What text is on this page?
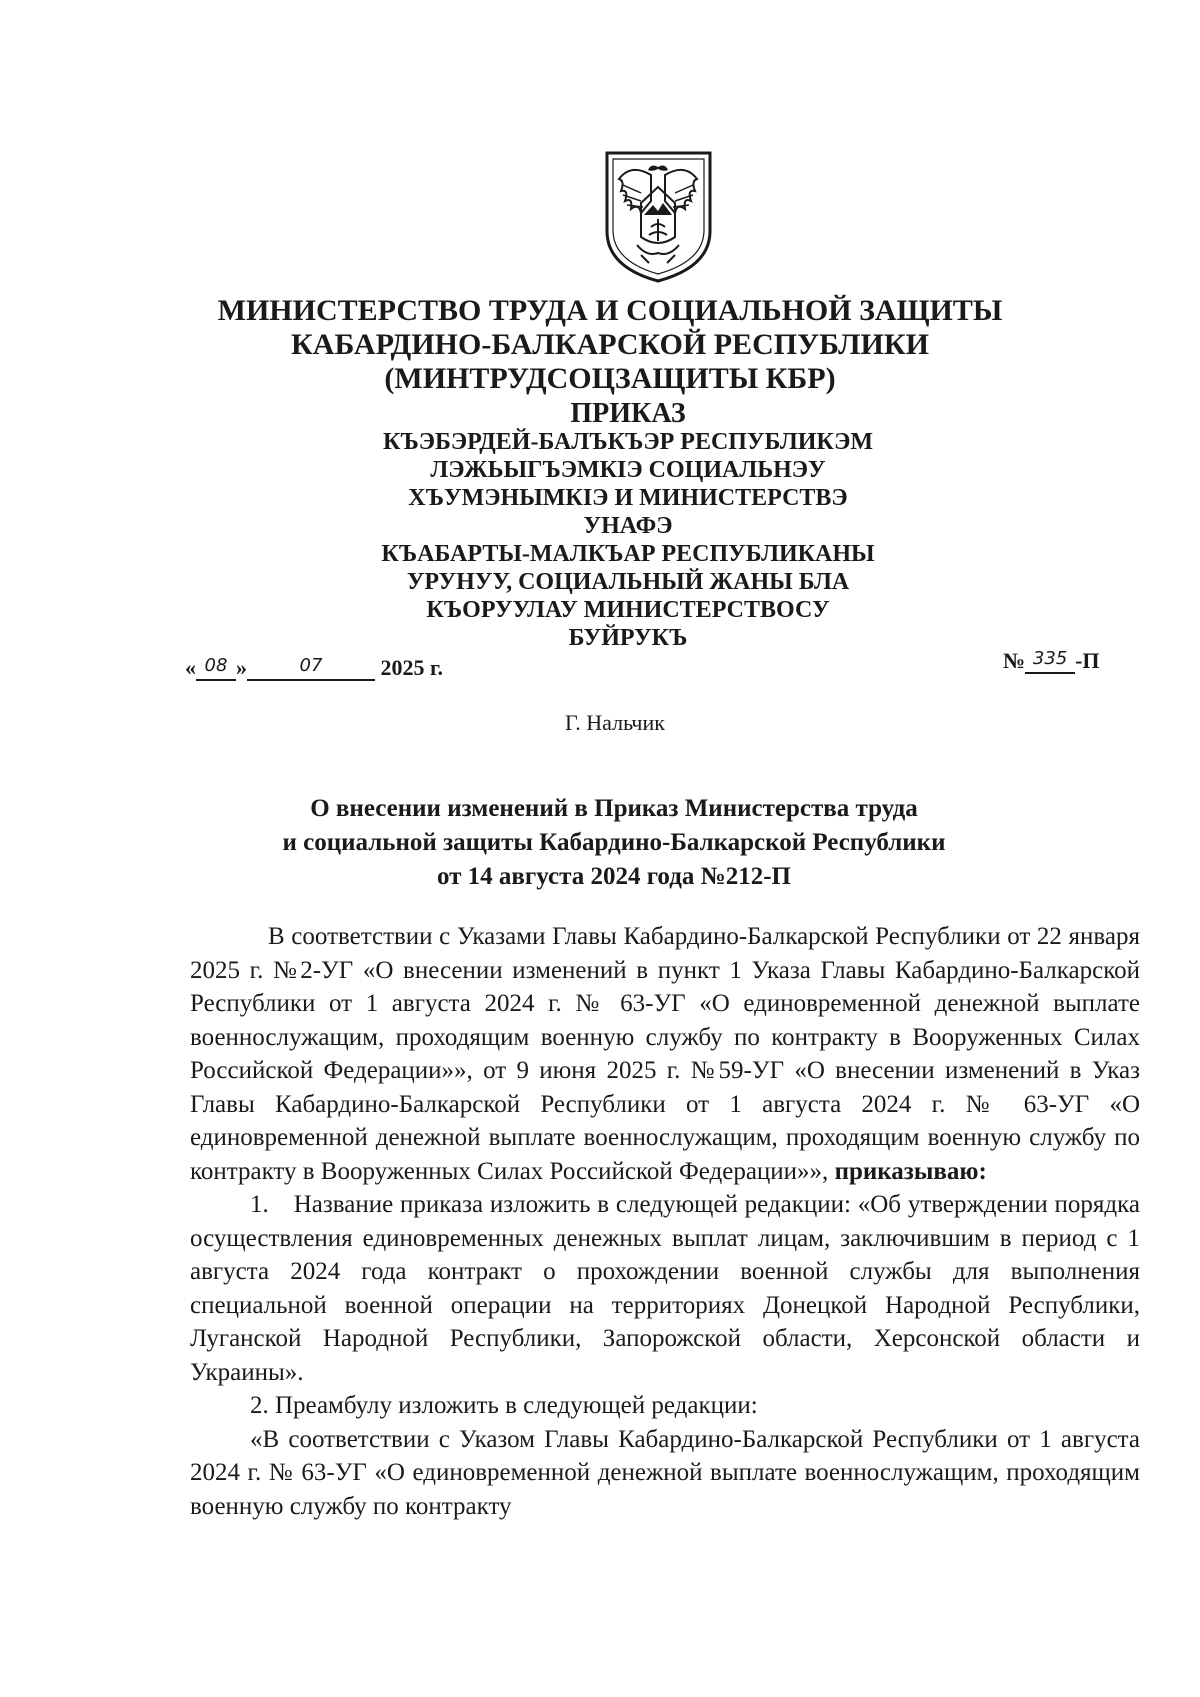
МИНИСТЕРСТВО ТРУДА И СОЦИАЛЬНОЙ ЗАЩИТЫ
КАБАРДИНО-БАЛКАРСКОЙ РЕСПУБЛИКИ
(МИНТРУДСОЦЗАЩИТЫ КБР)
ПРИКАЗ
КЪЭБЭРДЕЙ-БАЛЪКЪЭР РЕСПУБЛИКЭМ
ЛЭЖЬЫГЪЭМКIЭ СОЦИАЛЬНЭУ
ХЪУМЭНЫМКIЭ И МИНИСТЕРСТВЭ
УНАФЭ
КЪАБАРТЫ-МАЛКЪАР РЕСПУБЛИКАНЫ
УРУНУУ, СОЦИАЛЬНЫЙ ЖАНЫ БЛА
КЪОРУУЛАУ МИНИСТЕРСТВОСУ
БУЙРУКЪ
« 08 »	07	2025 г.	№ 335 -П
Г. Нальчик
О внесении изменений в Приказ Министерства труда
и социальной защиты Кабардино-Балкарской Республики
от 14 августа 2024 года №212-П

В соответствии с Указами Главы Кабардино-Балкарской Республики от 22 января 2025 г. №2-УГ «О внесении изменений в пункт 1 Указа Главы Кабардино-Балкарской Республики от 1 августа 2024 г. № 63-УГ «О единовременной денежной выплате военнослужащим, проходящим военную службу по контракту в Вооруженных Силах Российской Федерации»», от 9 июня 2025 г. №59-УГ «О внесении изменений в Указ Главы Кабардино-Балкарской Республики от 1 августа 2024 г. № 63-УГ «О единовременной денежной выплате военнослужащим, проходящим военную службу по контракту в Вооруженных Силах Российской Федерации»», приказываю:

1. Название приказа изложить в следующей редакции: «Об утверждении порядка осуществления единовременных денежных выплат лицам, заключившим в период с 1 августа 2024 года контракт о прохождении военной службы для выполнения специальной военной операции на территориях Донецкой Народной Республики, Луганской Народной Республики, Запорожской области, Херсонской области и Украины».

2. Преамбулу изложить в следующей редакции:

«В соответствии с Указом Главы Кабардино-Балкарской Республики от 1 августа 2024 г. № 63-УГ «О единовременной денежной выплате военнослужащим, проходящим военную службу по контракту
